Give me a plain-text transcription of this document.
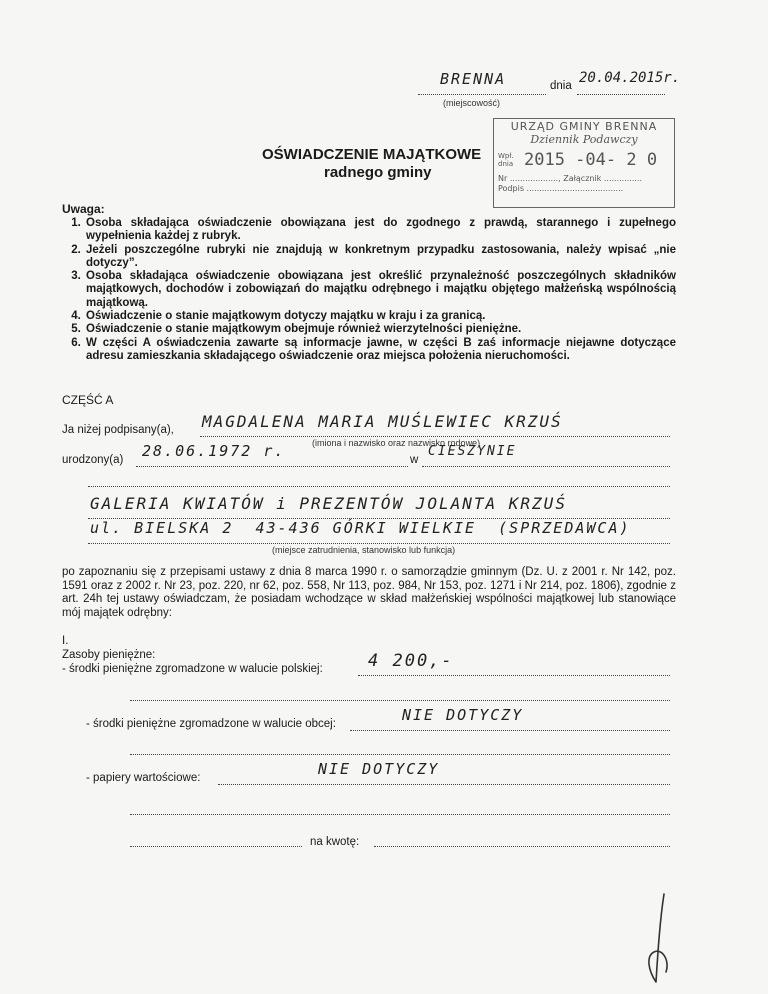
BRENNA	dnia 20.04.2015r.
(miejscowość)
OŚWIADCZENIE MAJĄTKOWE
radnego gminy
URZĄD GMINY BRENNA
Dziennik Podawczy
Wpł. dnia 2015 -04- 2 0
Nr ..................., Załącznik ...............
Podpis ......................................
Uwaga:
1. Osoba składająca oświadczenie obowiązana jest do zgodnego z prawdą, starannego i zupełnego wypełnienia każdej z rubryk.
2. Jeżeli poszczególne rubryki nie znajdują w konkretnym przypadku zastosowania, należy wpisać „nie dotyczy”.
3. Osoba składająca oświadczenie obowiązana jest określić przynależność poszczególnych składników majątkowych, dochodów i zobowiązań do majątku odrębnego i majątku objętego małżeńską wspólnością majątkową.
4. Oświadczenie o stanie majątkowym dotyczy majątku w kraju i za granicą.
5. Oświadczenie o stanie majątkowym obejmuje również wierzytelności pieniężne.
6. W części A oświadczenia zawarte są informacje jawne, w części B zaś informacje niejawne dotyczące adresu zamieszkania składającego oświadczenie oraz miejsca położenia nieruchomości.
CZĘŚĆ A
Ja niżej podpisany(a), MAGDALENA MARIA MUŚLEWIEC KRZUŚ
(imiona i nazwisko oraz nazwisko rodowe)
urodzony(a) 28.06.1972 r.	w
CIESZYNIE
GALERIA KWIATÓW i PREZENTÓW JOLANTA KRZUŚ
ul. BIELSKA 2  43-436 GÓRKI WIELKIE  (SPRZEDAWCA)
(miejsce zatrudnienia, stanowisko lub funkcja)
po zapoznaniu się z przepisami ustawy z dnia 8 marca 1990 r. o samorządzie gminnym (Dz. U. z 2001 r. Nr 142, poz. 1591 oraz z 2002 r. Nr 23, poz. 220, nr 62, poz. 558, Nr 113, poz. 984, Nr 153, poz. 1271 i Nr 214, poz. 1806), zgodnie z art. 24h tej ustawy oświadczam, że posiadam wchodzące w skład małżeńskiej wspólności majątkowej lub stanowiące mój majątek odrębny:
I.
Zasoby pieniężne:
- środki pieniężne zgromadzone w walucie polskiej:	4 200,-
- środki pieniężne zgromadzone w walucie obcej:	NIE DOTYCZY
- papiery wartościowe:	NIE DOTYCZY
na kwotę:
